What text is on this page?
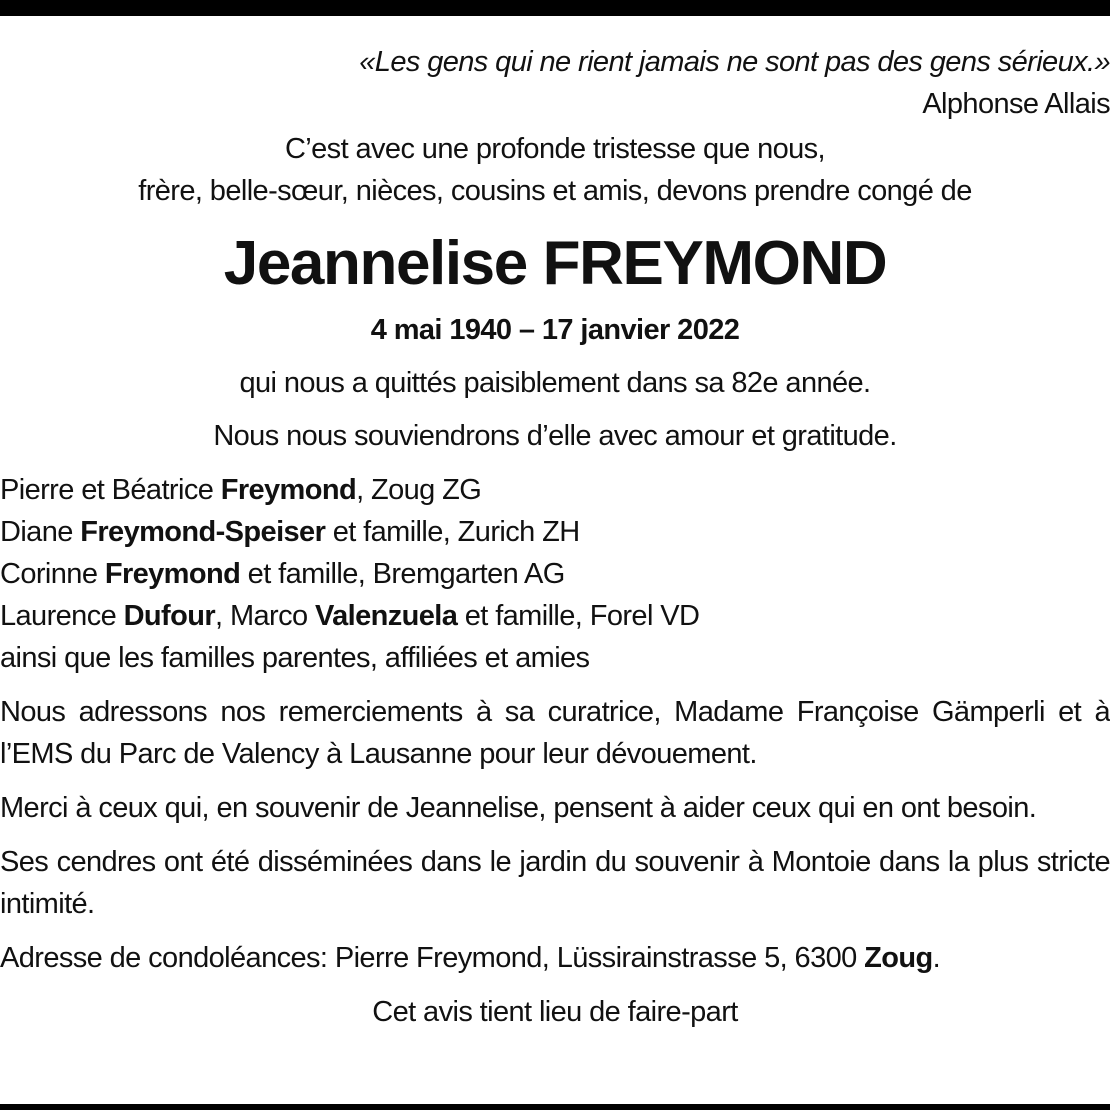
«Les gens qui ne rient jamais ne sont pas des gens sérieux.»
Alphonse Allais
C’est avec une profonde tristesse que nous,
frère, belle-sœur, nièces, cousins et amis, devons prendre congé de
Jeannelise FREYMOND
4 mai 1940 – 17 janvier 2022
qui nous a quittés paisiblement dans sa 82e année.
Nous nous souviendrons d’elle avec amour et gratitude.
Pierre et Béatrice Freymond, Zoug ZG
Diane Freymond-Speiser et famille, Zurich ZH
Corinne Freymond et famille, Bremgarten AG
Laurence Dufour, Marco Valenzuela et famille, Forel VD
ainsi que les familles parentes, affiliées et amies
Nous adressons nos remerciements à sa curatrice, Madame Françoise Gämperli et à l’EMS du Parc de Valency à Lausanne pour leur dévouement.
Merci à ceux qui, en souvenir de Jeannelise, pensent à aider ceux qui en ont besoin.
Ses cendres ont été disséminées dans le jardin du souvenir à Montoie dans la plus stricte intimité.
Adresse de condoléances: Pierre Freymond, Lüssirainstrasse 5, 6300 Zoug.
Cet avis tient lieu de faire-part
